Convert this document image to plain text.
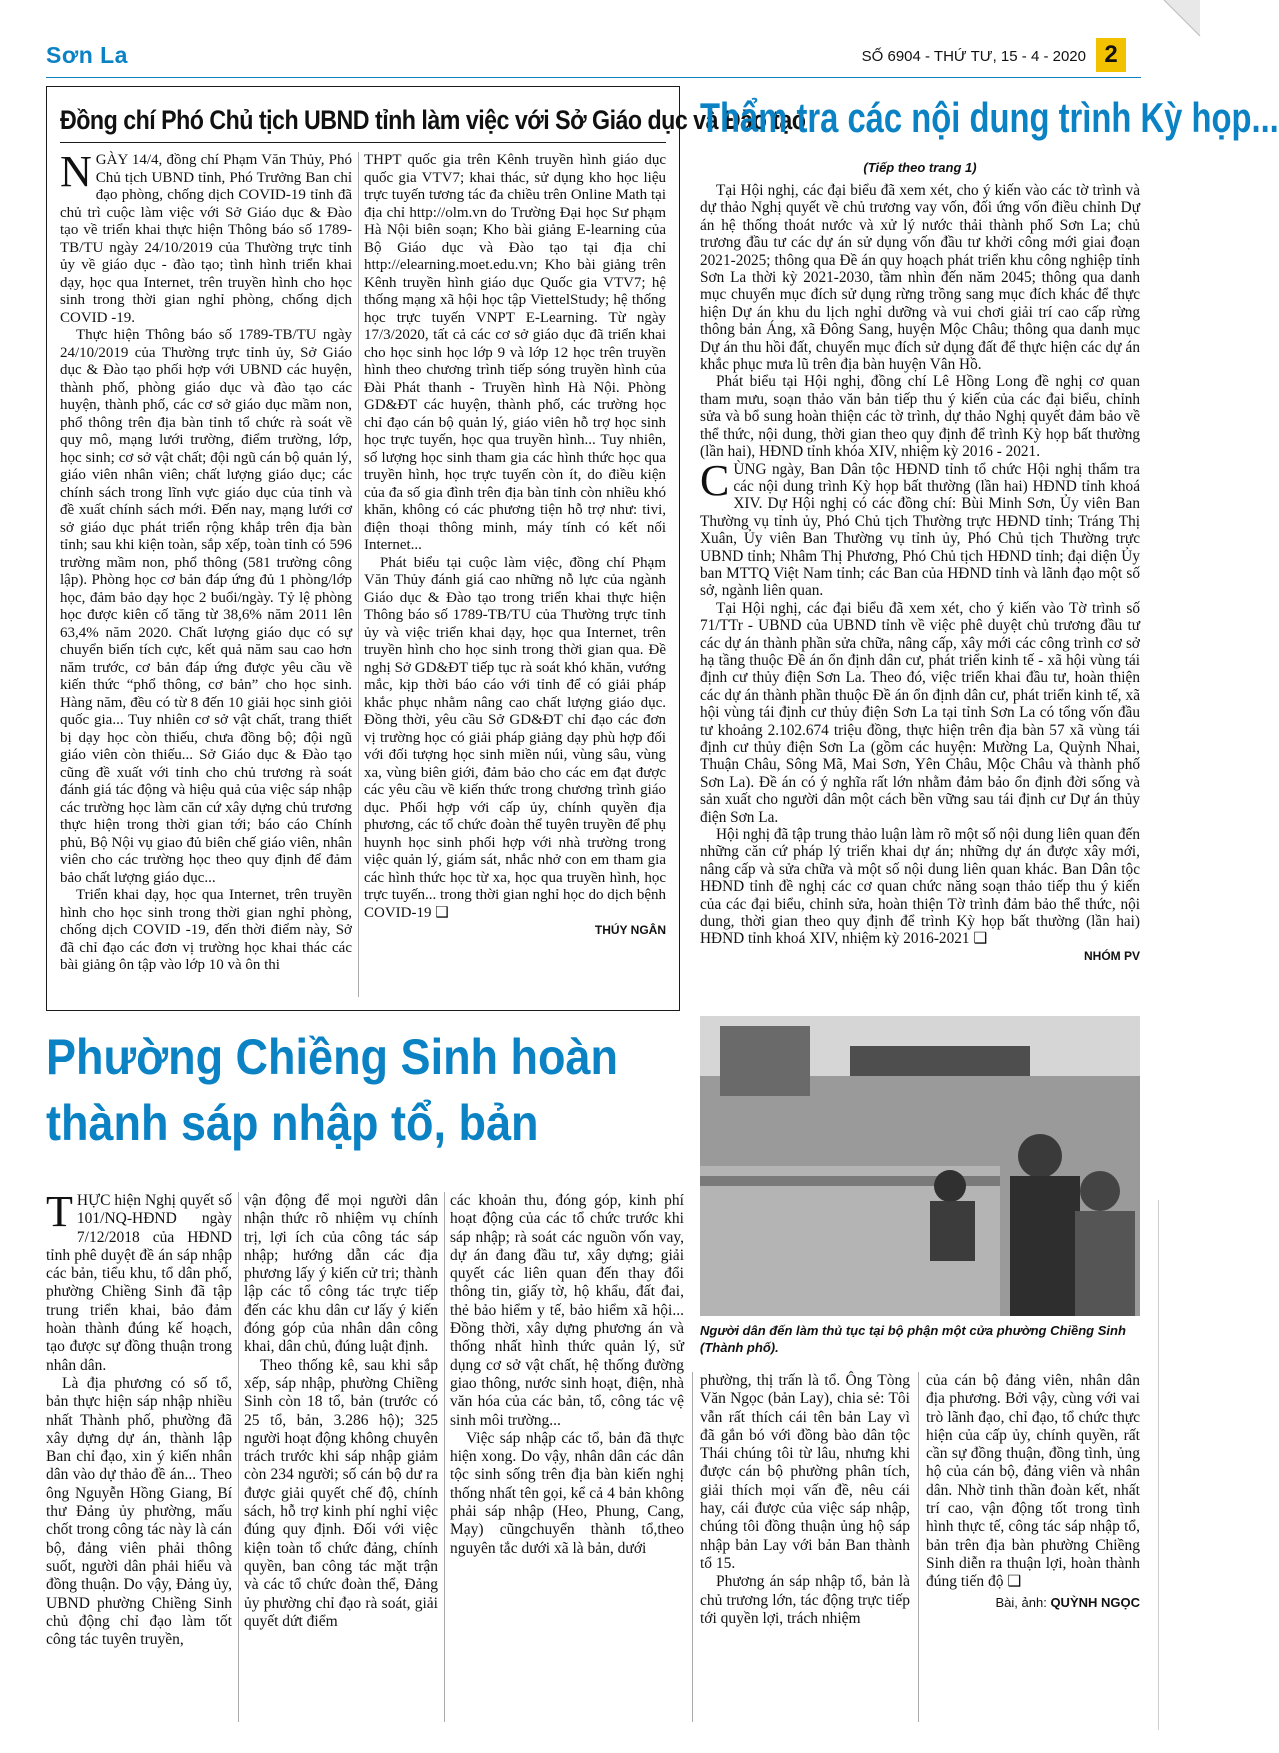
Sơn La	SỐ 6904 - THỨ TƯ, 15 - 4 - 2020 2
Đồng chí Phó Chủ tịch UBND tỉnh làm việc với Sở Giáo dục và Đào tạo

NGÀY 14/4, đồng chí Phạm Văn Thủy, Phó Chủ tịch UBND tỉnh, Phó Trưởng Ban chỉ đạo phòng, chống dịch COVID-19 tỉnh đã chủ trì cuộc làm việc với Sở Giáo dục & Đào tạo về triển khai thực hiện Thông báo số 1789-TB/TU ngày 24/10/2019 của Thường trực tỉnh ủy về giáo dục - đào tạo; tình hình triển khai dạy, học qua Internet, trên truyền hình cho học sinh trong thời gian nghỉ phòng, chống dịch COVID -19.

Thực hiện Thông báo số 1789-TB/TU ngày 24/10/2019 của Thường trực tỉnh ủy, Sở Giáo dục & Đào tạo phối hợp với UBND các huyện, thành phố, phòng giáo dục và đào tạo các huyện, thành phố, các cơ sở giáo dục mầm non, phổ thông trên địa bàn tỉnh tổ chức rà soát về quy mô, mạng lưới trường, điểm trường, lớp, học sinh; cơ sở vật chất; đội ngũ cán bộ quản lý, giáo viên nhân viên; chất lượng giáo dục; các chính sách trong lĩnh vực giáo dục của tỉnh và đề xuất chính sách mới. Đến nay, mạng lưới cơ sở giáo dục phát triển rộng khắp trên địa bàn tỉnh; sau khi kiện toàn, sắp xếp, toàn tỉnh có 596 trường mầm non, phổ thông (581 trường công lập). Phòng học cơ bản đáp ứng đủ 1 phòng/lớp học, đảm bảo dạy học 2 buổi/ngày. Tỷ lệ phòng học được kiên cố tăng từ 38,6% năm 2011 lên 63,4% năm 2020. Chất lượng giáo dục có sự chuyển biến tích cực, kết quả năm sau cao hơn năm trước, cơ bản đáp ứng được yêu cầu về kiến thức “phổ thông, cơ bản” cho học sinh. Hàng năm, đều có từ 8 đến 10 giải học sinh giỏi quốc gia... Tuy nhiên cơ sở vật chất, trang thiết bị dạy học còn thiếu, chưa đồng bộ; đội ngũ giáo viên còn thiếu... Sở Giáo dục & Đào tạo cũng đề xuất với tỉnh cho chủ trương rà soát đánh giá tác động và hiệu quả của việc sáp nhập các trường học làm căn cứ xây dựng chủ trương thực hiện trong thời gian tới; báo cáo Chính phủ, Bộ Nội vụ giao đủ biên chế giáo viên, nhân viên cho các trường học theo quy định để đảm bảo chất lượng giáo dục...

Triển khai dạy, học qua Internet, trên truyền hình cho học sinh trong thời gian nghỉ phòng, chống dịch COVID -19, đến thời điểm này, Sở đã chỉ đạo các đơn vị trường học khai thác các bài giảng ôn tập vào lớp 10 và ôn thi

THPT quốc gia trên Kênh truyền hình giáo dục quốc gia VTV7; khai thác, sử dụng kho học liệu trực tuyến tương tác đa chiều trên Online Math tại địa chỉ http://olm.vn do Trường Đại học Sư phạm Hà Nội biên soạn; Kho bài giảng E-learning của Bộ Giáo dục và Đào tạo tại địa chỉ http://elearning.moet.edu.vn; Kho bài giảng trên Kênh truyền hình giáo dục Quốc gia VTV7; hệ thống mạng xã hội học tập ViettelStudy; hệ thống học trực tuyến VNPT E-Learning. Từ ngày 17/3/2020, tất cả các cơ sở giáo dục đã triển khai cho học sinh học lớp 9 và lớp 12 học trên truyền hình theo chương trình tiếp sóng truyền hình của Đài Phát thanh - Truyền hình Hà Nội. Phòng GD&ĐT các huyện, thành phố, các trường học chỉ đạo cán bộ quản lý, giáo viên hỗ trợ học sinh học trực tuyến, học qua truyền hình... Tuy nhiên, số lượng học sinh tham gia các hình thức học qua truyền hình, học trực tuyến còn ít, do điều kiện của đa số gia đình trên địa bàn tỉnh còn nhiều khó khăn, không có các phương tiện hỗ trợ như: tivi, điện thoại thông minh, máy tính có kết nối Internet...

Phát biểu tại cuộc làm việc, đồng chí Phạm Văn Thủy đánh giá cao những nỗ lực của ngành Giáo dục & Đào tạo trong triển khai thực hiện Thông báo số 1789-TB/TU của Thường trực tỉnh ủy và việc triển khai dạy, học qua Internet, trên truyền hình cho học sinh trong thời gian qua. Đề nghị Sở GD&ĐT tiếp tục rà soát khó khăn, vướng mắc, kịp thời báo cáo với tỉnh để có giải pháp khắc phục nhằm nâng cao chất lượng giáo dục. Đồng thời, yêu cầu Sở GD&ĐT chỉ đạo các đơn vị trường học có giải pháp giảng dạy phù hợp đối với đối tượng học sinh miền núi, vùng sâu, vùng xa, vùng biên giới, đảm bảo cho các em đạt được các yêu cầu về kiến thức trong chương trình giáo dục. Phối hợp với cấp ủy, chính quyền địa phương, các tổ chức đoàn thể tuyên truyền để phụ huynh học sinh phối hợp với nhà trường trong việc quản lý, giám sát, nhắc nhở con em tham gia các hình thức học từ xa, học qua truyền hình, học trực tuyến... trong thời gian nghỉ học do dịch bệnh COVID-19 ❑

THÚY NGÂN
Thẩm tra các nội dung trình Kỳ họp...
(Tiếp theo trang 1)

Tại Hội nghị, các đại biểu đã xem xét, cho ý kiến vào các tờ trình và dự thảo Nghị quyết về chủ trương vay vốn, đối ứng vốn điều chỉnh Dự án hệ thống thoát nước và xử lý nước thải thành phố Sơn La; chủ trương đầu tư các dự án sử dụng vốn đầu tư khởi công mới giai đoạn 2021-2025; thông qua Đề án quy hoạch phát triển khu công nghiệp tỉnh Sơn La thời kỳ 2021-2030, tầm nhìn đến năm 2045; thông qua danh mục chuyển mục đích sử dụng rừng trồng sang mục đích khác để thực hiện Dự án khu du lịch nghỉ dưỡng và vui chơi giải trí cao cấp rừng thông bản Áng, xã Đông Sang, huyện Mộc Châu; thông qua danh mục Dự án thu hồi đất, chuyển mục đích sử dụng đất để thực hiện các dự án khắc phục mưa lũ trên địa bàn huyện Vân Hồ.

Phát biểu tại Hội nghị, đồng chí Lê Hồng Long đề nghị cơ quan tham mưu, soạn thảo văn bản tiếp thu ý kiến của các đại biểu, chỉnh sửa và bổ sung hoàn thiện các tờ trình, dự thảo Nghị quyết đảm bảo về thể thức, nội dung, thời gian theo quy định để trình Kỳ họp bất thường (lần hai), HĐND tỉnh khóa XIV, nhiệm kỳ 2016 - 2021.

CÙNG ngày, Ban Dân tộc HĐND tỉnh tổ chức Hội nghị thẩm tra các nội dung trình Kỳ họp bất thường (lần hai) HĐND tỉnh khoá XIV. Dự Hội nghị có các đồng chí: Bùi Minh Sơn, Ủy viên Ban Thường vụ tỉnh ủy, Phó Chủ tịch Thường trực HĐND tỉnh; Tráng Thị Xuân, Ủy viên Ban Thường vụ tỉnh ủy, Phó Chủ tịch Thường trực UBND tỉnh; Nhâm Thị Phương, Phó Chủ tịch HĐND tỉnh; đại diện Ủy ban MTTQ Việt Nam tỉnh; các Ban của HĐND tỉnh và lãnh đạo một số sở, ngành liên quan.

Tại Hội nghị, các đại biểu đã xem xét, cho ý kiến vào Tờ trình số 71/TTr - UBND của UBND tỉnh về việc phê duyệt chủ trương đầu tư các dự án thành phần sửa chữa, nâng cấp, xây mới các công trình cơ sở hạ tầng thuộc Đề án ổn định dân cư, phát triển kinh tế - xã hội vùng tái định cư thủy điện Sơn La. Theo đó, việc triển khai đầu tư, hoàn thiện các dự án thành phần thuộc Đề án ổn định dân cư, phát triển kinh tế, xã hội vùng tái định cư thủy điện Sơn La tại tỉnh Sơn La có tổng vốn đầu tư khoảng 2.102.674 triệu đồng, thực hiện trên địa bàn 57 xã vùng tái định cư thủy điện Sơn La (gồm các huyện: Mường La, Quỳnh Nhai, Thuận Châu, Sông Mã, Mai Sơn, Yên Châu, Mộc Châu và thành phố Sơn La). Đề án có ý nghĩa rất lớn nhằm đảm bảo ổn định đời sống và sản xuất cho người dân một cách bền vững sau tái định cư Dự án thủy điện Sơn La.

Hội nghị đã tập trung thảo luận làm rõ một số nội dung liên quan đến những căn cứ pháp lý triển khai dự án; những dự án được xây mới, nâng cấp và sửa chữa và một số nội dung liên quan khác. Ban Dân tộc HĐND tỉnh đề nghị các cơ quan chức năng soạn thảo tiếp thu ý kiến của các đại biểu, chỉnh sửa, hoàn thiện Tờ trình đảm bảo thể thức, nội dung, thời gian theo quy định để trình Kỳ họp bất thường (lần hai) HĐND tỉnh khoá XIV, nhiệm kỳ 2016-2021 ❑

NHÓM PV
Phường Chiềng Sinh hoàn thành sáp nhập tổ, bản
Người dân đến làm thủ tục tại bộ phận một cửa phường Chiềng Sinh (Thành phố).

THỰC hiện Nghị quyết số 101/NQ-HĐND ngày 7/12/2018 của HĐND tỉnh phê duyệt đề án sáp nhập các bản, tiểu khu, tổ dân phố, phường Chiềng Sinh đã tập trung triển khai, bảo đảm hoàn thành đúng kế hoạch, tạo được sự đồng thuận trong nhân dân.

Là địa phương có số tổ, bản thực hiện sáp nhập nhiều nhất Thành phố, phường đã xây dựng dự án, thành lập Ban chỉ đạo, xin ý kiến nhân dân vào dự thảo đề án... Theo ông Nguyễn Hồng Giang, Bí thư Đảng ủy phường, mấu chốt trong công tác này là cán bộ, đảng viên phải thông suốt, người dân phải hiểu và đồng thuận. Do vậy, Đảng ủy, UBND phường Chiềng Sinh chủ động chỉ đạo làm tốt công tác tuyên truyền,

vận động để mọi người dân nhận thức rõ nhiệm vụ chính trị, lợi ích của công tác sáp nhập; hướng dẫn các địa phương lấy ý kiến cử tri; thành lập các tổ công tác trực tiếp đến các khu dân cư lấy ý kiến đóng góp của nhân dân công khai, dân chủ, đúng luật định.

Theo thống kê, sau khi sắp xếp, sáp nhập, phường Chiềng Sinh còn 18 tổ, bản (trước có 25 tổ, bản, 3.286 hộ); 325 người hoạt động không chuyên trách trước khi sáp nhập giảm còn 234 người; số cán bộ dư ra được giải quyết chế độ, chính sách, hỗ trợ kinh phí nghỉ việc đúng quy định. Đối với việc kiện toàn tổ chức đảng, chính quyền, ban công tác mặt trận và các tổ chức đoàn thể, Đảng ủy phường chỉ đạo rà soát, giải quyết dứt điểm

các khoản thu, đóng góp, kinh phí hoạt động của các tổ chức trước khi sáp nhập; rà soát các nguồn vốn vay, dự án đang đầu tư, xây dựng; giải quyết các liên quan đến thay đổi thông tin, giấy tờ, hộ khẩu, đất đai, thẻ bảo hiểm y tế, bảo hiểm xã hội... Đồng thời, xây dựng phương án và thống nhất hình thức quản lý, sử dụng cơ sở vật chất, hệ thống đường giao thông, nước sinh hoạt, điện, nhà văn hóa của các bản, tổ, công tác vệ sinh môi trường...

Việc sáp nhập các tổ, bản đã thực hiện xong. Do vậy, nhân dân các dân tộc sinh sống trên địa bàn kiến nghị thống nhất tên gọi, kể cả 4 bản không phải sáp nhập (Heo, Phung, Cang, Mạy) cũngchuyển thành tổ,theo nguyên tắc dưới xã là bản, dưới

phường, thị trấn là tổ. Ông Tòng Văn Ngọc (bản Lay), chia sẻ: Tôi vẫn rất thích cái tên bản Lay vì đã gắn bó với đồng bào dân tộc Thái chúng tôi từ lâu, nhưng khi được cán bộ phường phân tích, giải thích mọi vấn đề, nêu cái hay, cái được của việc sáp nhập, chúng tôi đồng thuận ủng hộ sáp nhập bản Lay với bản Ban thành tổ 15.

Phương án sáp nhập tổ, bản là chủ trương lớn, tác động trực tiếp tới quyền lợi, trách nhiệm

của cán bộ đảng viên, nhân dân địa phương. Bởi vậy, cùng với vai trò lãnh đạo, chỉ đạo, tổ chức thực hiện của cấp ủy, chính quyền, rất cần sự đồng thuận, đồng tình, ủng hộ của cán bộ, đảng viên và nhân dân. Nhờ tinh thần đoàn kết, nhất trí cao, vận động tốt trong tình hình thực tế, công tác sáp nhập tổ, bản trên địa bàn phường Chiềng Sinh diễn ra thuận lợi, hoàn thành đúng tiến độ ❑

Bài, ảnh: QUỲNH NGỌC
